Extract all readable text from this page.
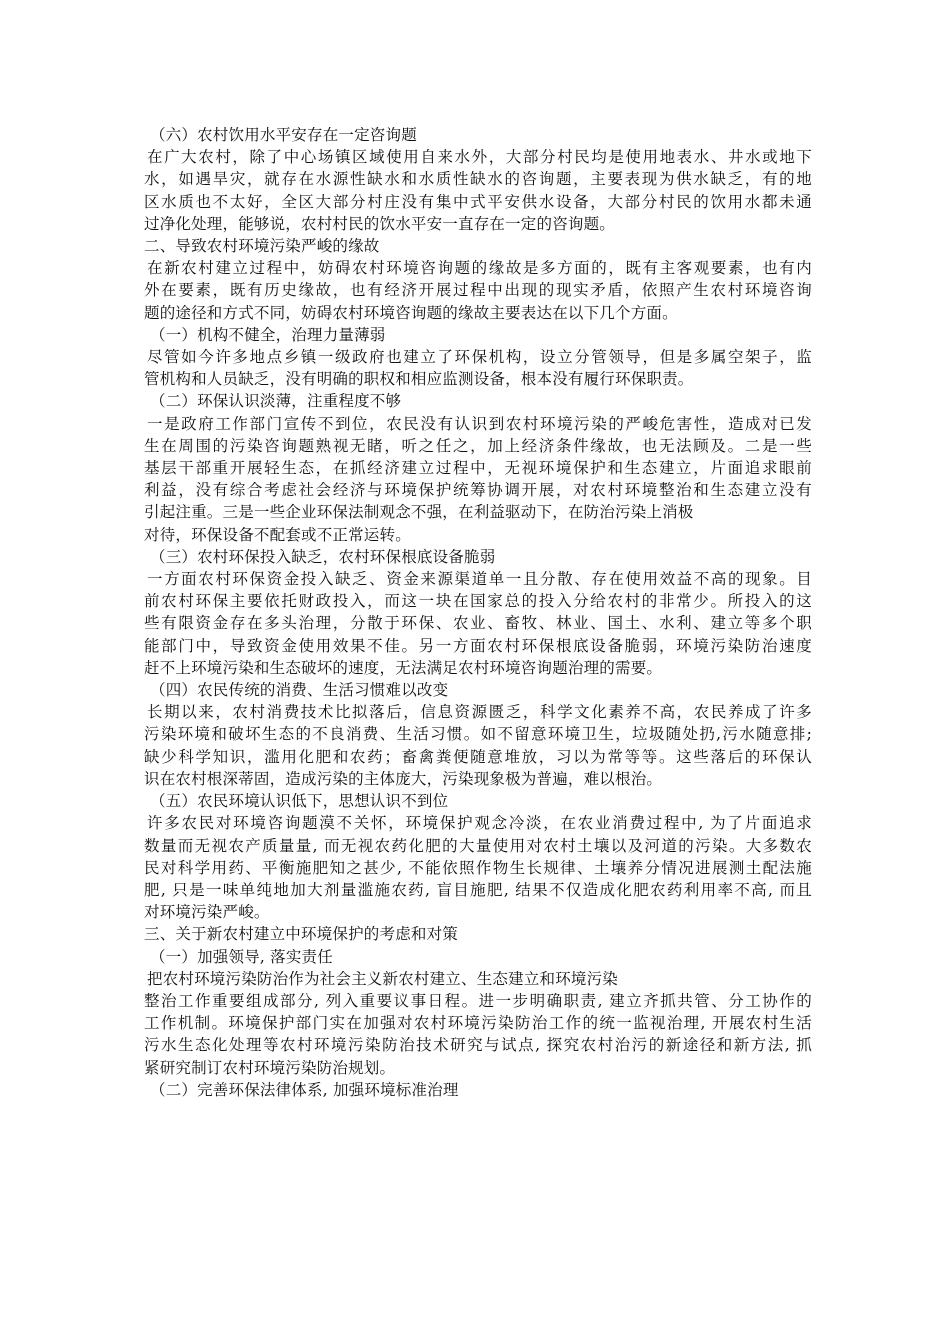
（六）农村饮用水平安存在一定咨询题
在广大农村，除了中心场镇区域使用自来水外，大部分村民均是使用地表水、井水或地下
水，如遇旱灾，就存在水源性缺水和水质性缺水的咨询题，主要表现为供水缺乏，有的地
区水质也不太好，全区大部分村庄没有集中式平安供水设备，大部分村民的饮用水都未通
过净化处理，能够说，农村村民的饮水平安一直存在一定的咨询题。
二、导致农村环境污染严峻的缘故
在新农村建立过程中，妨碍农村环境咨询题的缘故是多方面的，既有主客观要素，也有内
外在要素，既有历史缘故，也有经济开展过程中出现的现实矛盾，依照产生农村环境咨询
题的途径和方式不同，妨碍农村环境咨询题的缘故主要表达在以下几个方面。
（一）机构不健全，治理力量薄弱
尽管如今许多地点乡镇一级政府也建立了环保机构，设立分管领导，但是多属空架子，监
管机构和人员缺乏，没有明确的职权和相应监测设备，根本没有履行环保职责。
（二）环保认识淡薄，注重程度不够
一是政府工作部门宣传不到位，农民没有认识到农村环境污染的严峻危害性，造成对已发
生在周围的污染咨询题熟视无睹，听之任之，加上经济条件缘故，也无法顾及。二是一些
基层干部重开展轻生态，在抓经济建立过程中，无视环境保护和生态建立，片面追求眼前
利益，没有综合考虑社会经济与环境保护统筹协调开展，对农村环境整治和生态建立没有
引起注重。三是一些企业环保法制观念不强，在利益驱动下，在防治污染上消极
对待，环保设备不配套或不正常运转。
（三）农村环保投入缺乏，农村环保根底设备脆弱
一方面农村环保资金投入缺乏、资金来源渠道单一且分散、存在使用效益不高的现象。目
前农村环保主要依托财政投入，而这一块在国家总的投入分给农村的非常少。所投入的这
些有限资金存在多头治理，分散于环保、农业、畜牧、林业、国土、水利、建立等多个职
能部门中，导致资金使用效果不佳。另一方面农村环保根底设备脆弱，环境污染防治速度
赶不上环境污染和生态破坏的速度，无法满足农村环境咨询题治理的需要。
（四）农民传统的消费、生活习惯难以改变
长期以来，农村消费技术比拟落后，信息资源匮乏，科学文化素养不高，农民养成了许多
污染环境和破坏生态的不良消费、生活习惯。如不留意环境卫生，垃圾随处扔,污水随意排;
缺少科学知识，滥用化肥和农药；畜禽粪便随意堆放，习以为常等等。这些落后的环保认
识在农村根深蒂固，造成污染的主体庞大，污染现象极为普遍，难以根治。
（五）农民环境认识低下，思想认识不到位
许多农民对环境咨询题漠不关怀，环境保护观念冷淡，在农业消费过程中, 为了片面追求
数量而无视农产质量量, 而无视农药化肥的大量使用对农村土壤以及河道的污染。大多数农
民对科学用药、平衡施肥知之甚少, 不能依照作物生长规律、土壤养分情况进展测土配法施
肥, 只是一味单纯地加大剂量滥施农药, 盲目施肥, 结果不仅造成化肥农药利用率不高, 而且
对环境污染严峻。
三、关于新农村建立中环境保护的考虑和对策
（一）加强领导, 落实责任
把农村环境污染防治作为社会主义新农村建立、生态建立和环境污染
整治工作重要组成部分, 列入重要议事日程。进一步明确职责, 建立齐抓共管、分工协作的
工作机制。环境保护部门实在加强对农村环境污染防治工作的统一监视治理, 开展农村生活
污水生态化处理等农村环境污染防治技术研究与试点, 探究农村治污的新途径和新方法, 抓
紧研究制订农村环境污染防治规划。
（二）完善环保法律体系, 加强环境标准治理
